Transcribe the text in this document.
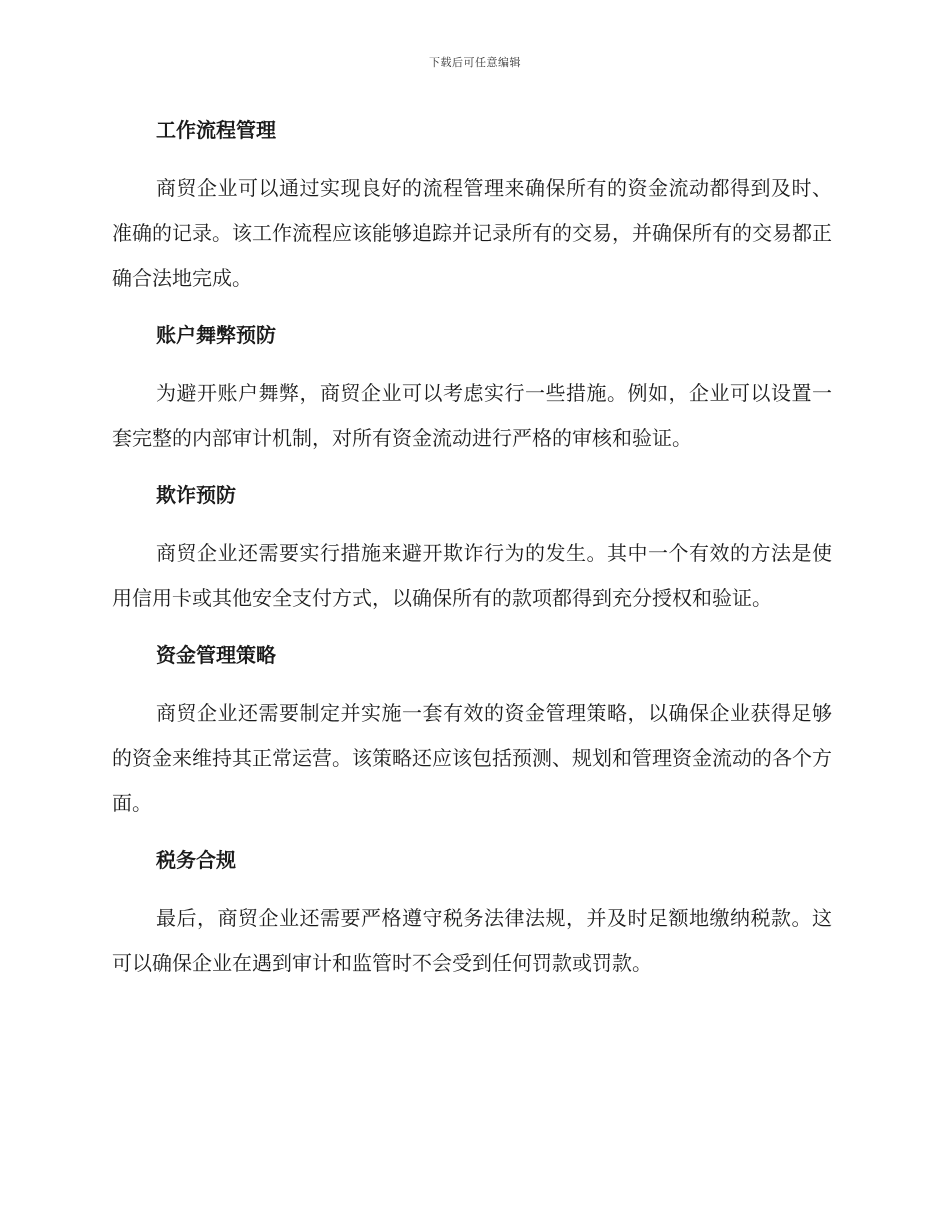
下载后可任意编辑
工作流程管理

商贸企业可以通过实现良好的流程管理来确保所有的资金流动都得到及时、准确的记录。该工作流程应该能够追踪并记录所有的交易，并确保所有的交易都正确合法地完成。

账户舞弊预防

为避开账户舞弊，商贸企业可以考虑实行一些措施。例如，企业可以设置一套完整的内部审计机制，对所有资金流动进行严格的审核和验证。

欺诈预防

商贸企业还需要实行措施来避开欺诈行为的发生。其中一个有效的方法是使用信用卡或其他安全支付方式，以确保所有的款项都得到充分授权和验证。

资金管理策略

商贸企业还需要制定并实施一套有效的资金管理策略，以确保企业获得足够的资金来维持其正常运营。该策略还应该包括预测、规划和管理资金流动的各个方面。

税务合规

最后，商贸企业还需要严格遵守税务法律法规，并及时足额地缴纳税款。这可以确保企业在遇到审计和监管时不会受到任何罚款或罚款。
